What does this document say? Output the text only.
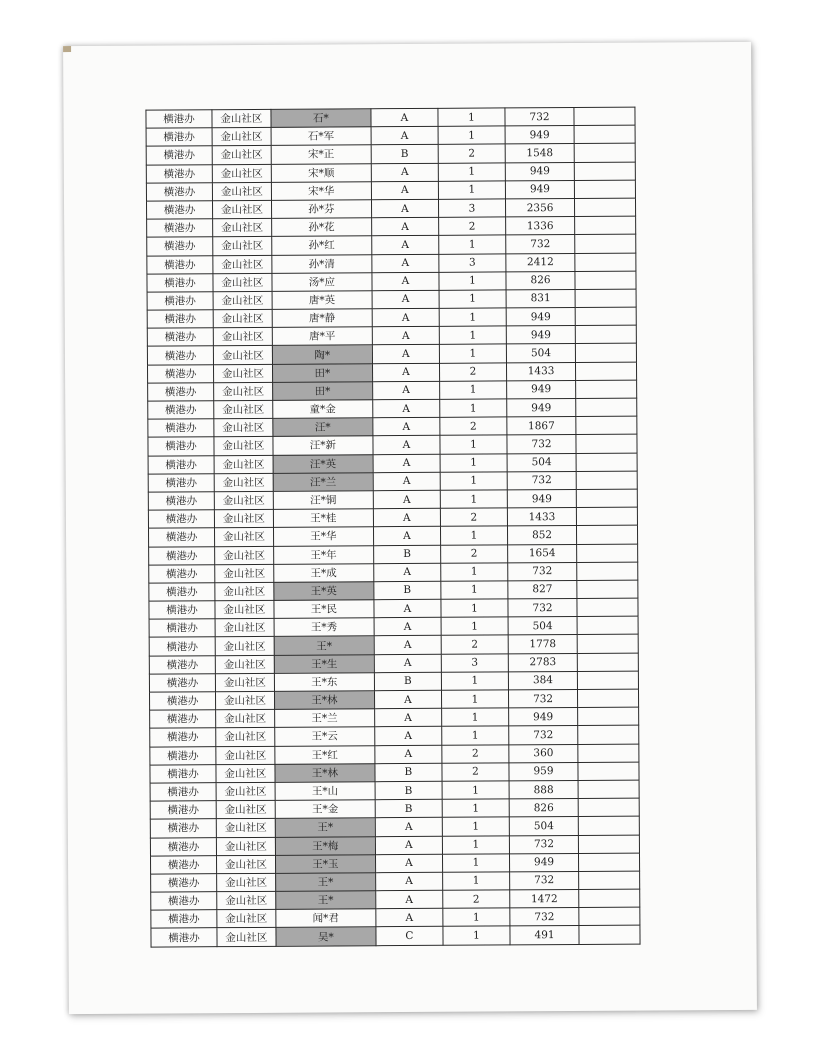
横港办	金山社区	石*	A	1	732	
横港办	金山社区	石*军	A	1	949	
横港办	金山社区	宋*正	B	2	1548	
横港办	金山社区	宋*顺	A	1	949	
横港办	金山社区	宋*华	A	1	949	
横港办	金山社区	孙*芬	A	3	2356	
横港办	金山社区	孙*花	A	2	1336	
横港办	金山社区	孙*红	A	1	732	
横港办	金山社区	孙*清	A	3	2412	
横港办	金山社区	汤*应	A	1	826	
横港办	金山社区	唐*英	A	1	831	
横港办	金山社区	唐*静	A	1	949	
横港办	金山社区	唐*平	A	1	949	
横港办	金山社区	陶*	A	1	504	
横港办	金山社区	田*	A	2	1433	
横港办	金山社区	田*	A	1	949	
横港办	金山社区	童*金	A	1	949	
横港办	金山社区	汪*	A	2	1867	
横港办	金山社区	汪*新	A	1	732	
横港办	金山社区	汪*英	A	1	504	
横港办	金山社区	汪*兰	A	1	732	
横港办	金山社区	汪*铜	A	1	949	
横港办	金山社区	王*桂	A	2	1433	
横港办	金山社区	王*华	A	1	852	
横港办	金山社区	王*年	B	2	1654	
横港办	金山社区	王*成	A	1	732	
横港办	金山社区	王*英	B	1	827	
横港办	金山社区	王*民	A	1	732	
横港办	金山社区	王*秀	A	1	504	
横港办	金山社区	王*	A	2	1778	
横港办	金山社区	王*生	A	3	2783	
横港办	金山社区	王*东	B	1	384	
横港办	金山社区	王*林	A	1	732	
横港办	金山社区	王*兰	A	1	949	
横港办	金山社区	王*云	A	1	732	
横港办	金山社区	王*红	A	2	360	
横港办	金山社区	王*林	B	2	959	
横港办	金山社区	王*山	B	1	888	
横港办	金山社区	王*金	B	1	826	
横港办	金山社区	王*	A	1	504	
横港办	金山社区	王*梅	A	1	732	
横港办	金山社区	王*玉	A	1	949	
横港办	金山社区	王*	A	1	732	
横港办	金山社区	王*	A	2	1472	
横港办	金山社区	闻*君	A	1	732	
横港办	金山社区	吴*	C	1	491	
